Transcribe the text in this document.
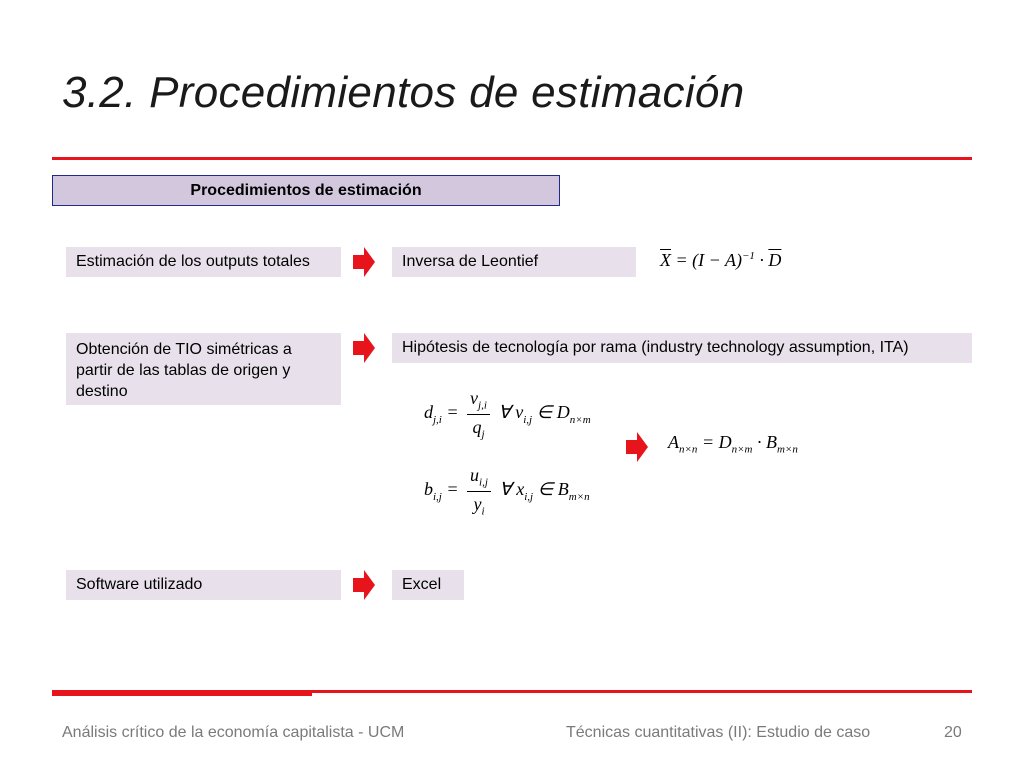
3.2. Procedimientos de estimación
Procedimientos de estimación
Estimación de los outputs totales	Inversa de Leontief	$\overline{X} = (I - A)^{-1} \cdot \overline{D}$
Obtención de TIO simétricas a partir de las tablas de origen y destino
Hipótesis de tecnología por rama (industry technology assumption, ITA)
$d_{j,i} = \frac{v_{j,i}}{q_j}$ ∀ $v_{i,j}$ ∈ $D_{n\times m}$
$A_{n\times n} = D_{n\times m} \cdot B_{m\times n}$
$b_{i,j} = \frac{u_{i,j}}{y_i}$ ∀ $x_{i,j}$ ∈ $B_{m\times n}$
Software utilizado	Excel
Análisis crítico de la economía capitalista - UCM	Técnicas cuantitativas (II): Estudio de caso	20
